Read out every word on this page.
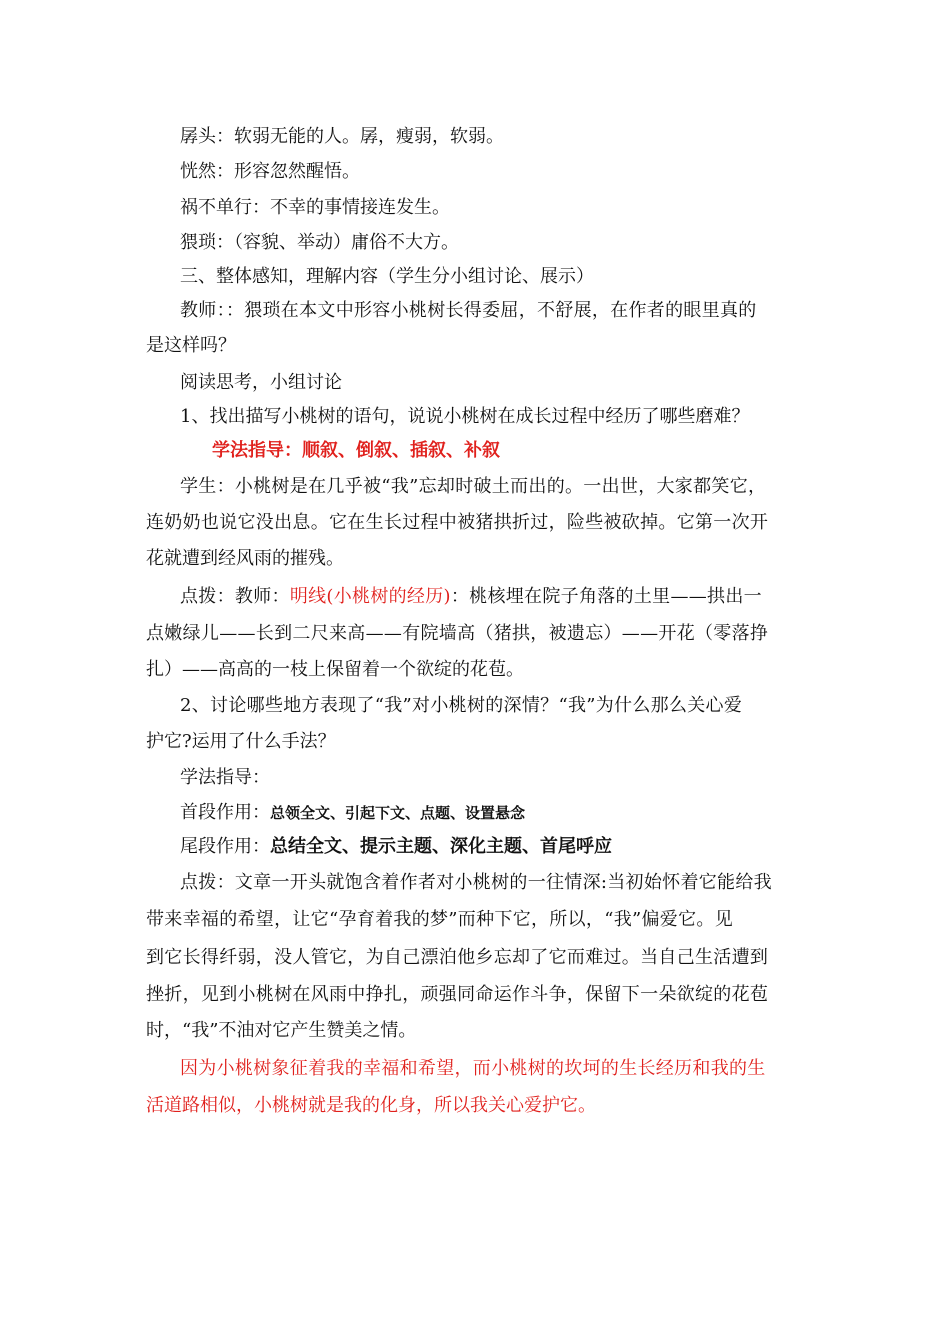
孱头：软弱无能的人。孱，瘦弱，软弱。
恍然：形容忽然醒悟。
祸不单行：不幸的事情接连发生。
猥琐：（容貌、举动）庸俗不大方。
三、整体感知，理解内容（学生分小组讨论、展示）
教师：：猥琐在本文中形容小桃树长得委屈，不舒展，在作者的眼里真的
是这样吗？
阅读思考，小组讨论
1、找出描写小桃树的语句，说说小桃树在成长过程中经历了哪些磨难？
学法指导：顺叙、倒叙、插叙、补叙
学生：小桃树是在几乎被“我”忘却时破土而出的。一出世，大家都笑它，
连奶奶也说它没出息。它在生长过程中被猪拱折过，险些被砍掉。它第一次开
花就遭到经风雨的摧残。
点拨：教师：明线(小桃树的经历)：桃核埋在院子角落的土里——拱出一
点嫩绿儿——长到二尺来高——有院墙高（猪拱，被遗忘）——开花（零落挣
扎）——高高的一枝上保留着一个欲绽的花苞。
2、讨论哪些地方表现了“我”对小桃树的深情？“我”为什么那么关心爱
护它?运用了什么手法？
学法指导：
首段作用：总领全文、引起下文、点题、设置悬念
尾段作用：总结全文、提示主题、深化主题、首尾呼应
点拨：文章一开头就饱含着作者对小桃树的一往情深:当初始怀着它能给我
带来幸福的希望，让它“孕育着我的梦”而种下它，所以，“我”偏爱它。见
到它长得纤弱，没人管它，为自己漂泊他乡忘却了它而难过。当自己生活遭到
挫折，见到小桃树在风雨中挣扎，顽强同命运作斗争，保留下一朵欲绽的花苞
时，“我”不油对它产生赞美之情。
因为小桃树象征着我的幸福和希望，而小桃树的坎坷的生长经历和我的生
活道路相似，小桃树就是我的化身，所以我关心爱护它。
